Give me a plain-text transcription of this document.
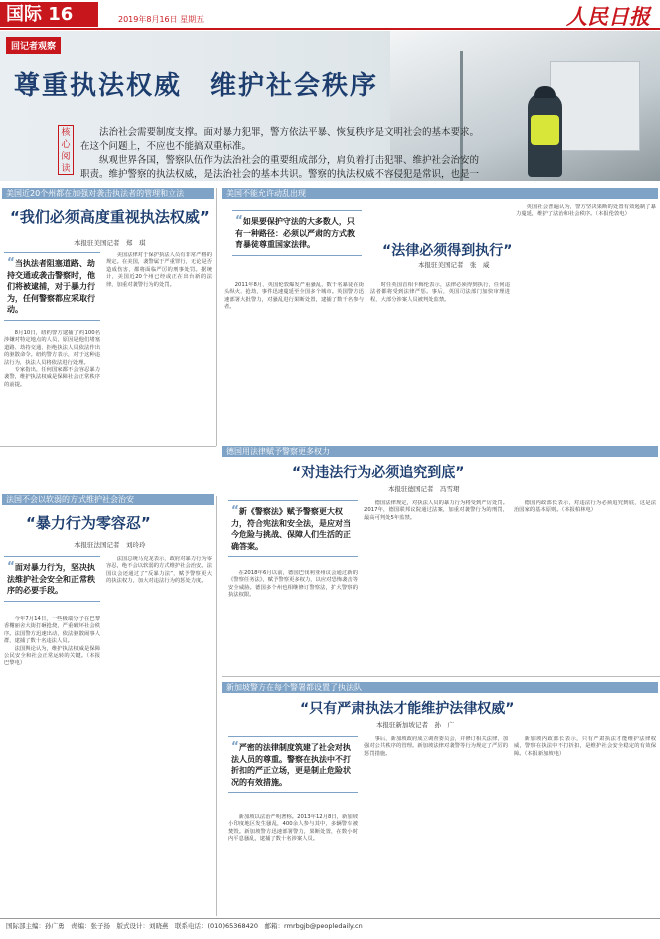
国际 16	2019年8月16日 星期五	人民日报
回记者观察
尊重执法权威　维护社会秩序
核心阅读

法治社会需要制度支撑。面对暴力犯罪，警方依法平暴、恢复秩序是文明社会的基本要求。在这个问题上，不应也不能搞双重标准。

纵观世界各国，警察队伍作为法治社会的重要组成部分，肩负着打击犯罪、维护社会治安的职责。维护警察的执法权威，是法治社会的基本共识。警察的执法权威不容侵犯是常识，也是一

美国近20个州都在加强对袭击执法者的管理和立法
“我们必须高度重视执法权威”
本报驻美国记者　郑　琪
“当执法者阻塞道路、劫持交通或袭击警察时，他们将被逮捕，对于暴力行为，任何警察都应采取行动。

8月10日，纽约警方逮捕了约100名涉嫌对特定地点的人员，原因是他们堵塞道路、劫持交通、拒绝执法人员依法作出的驱散命令。纽约警方表示，对于这种违法行为，执法人员将依法进行处理。

专家指出，任何国家都不会容忍暴力袭警，维护执法权威是保障社会正常秩序的前提。

美国法律对于保护执法人员有非常严格的规定。在美国，袭警属于严重罪行，无论是否造成伤害，都将面临严厉的刑事处罚。据统计，美国近20个州已经或正在出台新的法律，加重对袭警行为的处罚。

美国不能允许动乱出现
“如果要保护守法的大多数人，只有一种路径：必须以严肃的方式教育暴徒尊重国家法律。	“法律必须得到执行”
本报驻美国记者　张　威

2011年8月，英国伦敦爆发严重骚乱，数千名暴徒在街头纵火、抢劫，事件迅速蔓延至全国多个城市。英国警方迅速部署大批警力，对骚乱进行果断处置，逮捕了数千名参与者。

时任英国首相卡梅伦表示，法律必须得到执行，任何违法者都将受到法律严惩。事后，英国司法部门加快审理进程，大部分涉案人员被判处监禁。

英国社会普遍认为，警方坚决果断的处置有效遏制了暴力蔓延，维护了法治和社会秩序。（本报伦敦电）

德国用法律赋予警察更多权力
“对违法行为必须追究到底”
本报驻德国记者　冯雪珺
“新《警察法》赋予警察更大权力，符合宪法和安全法，是应对当今危险与挑战、保障人们生活的正确答案。

在2018年6月以前，德国巴伐利亚州议会通过新的《警察任务法》，赋予警察更多权力，以应对恐怖袭击等安全威胁。德国多个州也相继修订警察法，扩大警察的执法权限。

德国法律规定，对执法人员的暴力行为将受到严厉处罚。2017年，德国联邦议院通过法案，加重对袭警行为的刑罚，最高可判处5年监禁。

德国内政部长表示，对违法行为必须追究到底，这是法治国家的基本原则。（本报柏林电）

法国不会以软弱的方式维护社会治安
“暴力行为零容忍”
本报驻法国记者　刘玲玲
“面对暴力行为，坚决执法维护社会安全和正常秩序的必要手段。

今年7月14日，一些极端分子在巴黎香榭丽舍大街打砸抢烧，严重破坏社会秩序。法国警方迅速出动，依法驱散闹事人群，逮捕了数十名违法人员。

法国舆论认为，维护执法权威是保障公民安全和社会正常运转的关键。（本报巴黎电）

法国总统马克龙表示，政府对暴力行为零容忍，绝不会以软弱的方式维护社会治安。法国议会还通过了“反暴力法”，赋予警察更大的执法权力，加大对违法行为的惩处力度。

新加坡警方在每个警署都设置了执法队
“只有严肃执法才能维护法律权威”
本报驻新加坡记者　孙　广
“严密的法律制度筑建了社会对执法人员的尊重。警察在执法中不打折扣的严正立场，更是制止危险状况的有效措施。

新加坡以法治严明著称。2013年12月8日，新加坡小印度地区发生骚乱，400余人参与其中，多辆警车被焚毁。新加坡警方迅速部署警力，果断处置，在数小时内平息骚乱，逮捕了数十名涉案人员。

事后，新加坡政府成立调查委员会，并修订相关法律，加强对公共秩序的管理。新加坡法律对袭警等行为规定了严厉的惩罚措施。

新加坡内政部长表示，只有严肃执法才能维护法律权威，警察在执法中不打折扣，是维护社会安全稳定的有效保障。（本报新加坡电）

国际部主编：孙广勇　责编：张子扬　版式设计：刘晓燕　联系电话：(010)65368420　邮箱：rmrbgjb@peopledaily.cn
